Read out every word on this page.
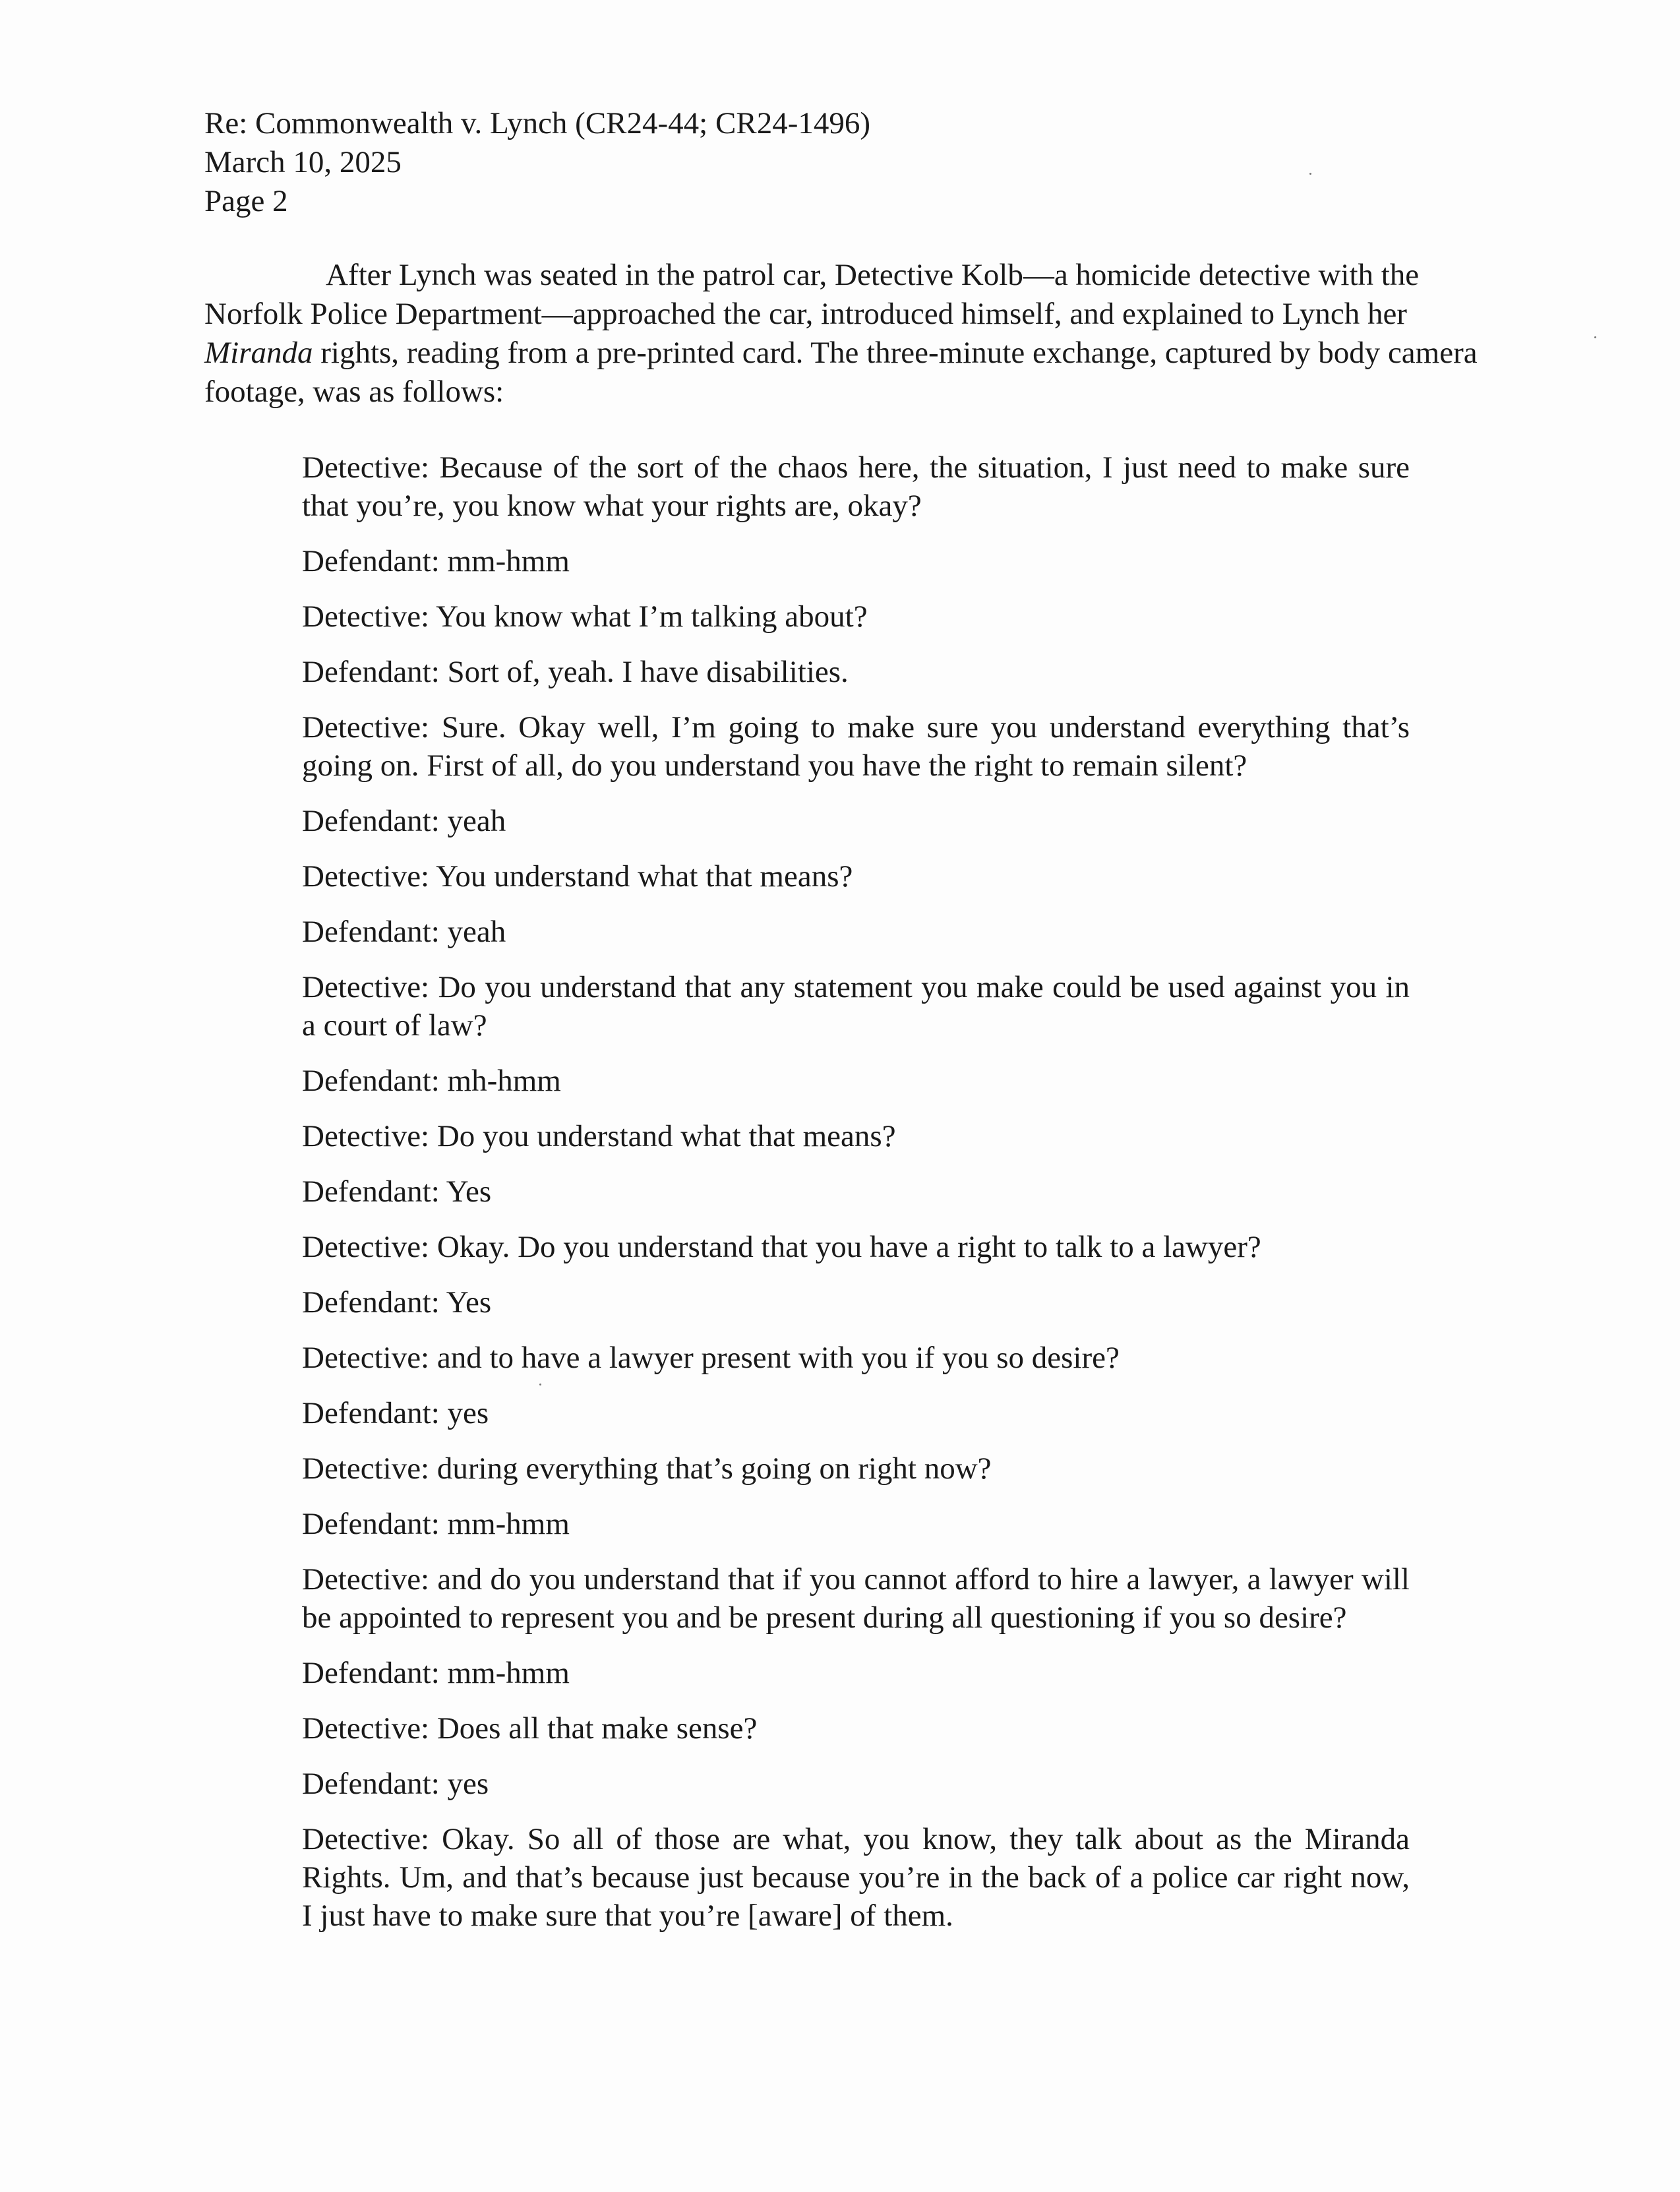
Re: Commonwealth v. Lynch (CR24-44; CR24-1496)
March 10, 2025
Page 2

After Lynch was seated in the patrol car, Detective Kolb—a homicide detective with the Norfolk Police Department—approached the car, introduced himself, and explained to Lynch her Miranda rights, reading from a pre-printed card. The three-minute exchange, captured by body camera footage, was as follows:

Detective: Because of the sort of the chaos here, the situation, I just need to make sure that you’re, you know what your rights are, okay?

Defendant: mm-hmm

Detective: You know what I’m talking about?

Defendant: Sort of, yeah. I have disabilities.

Detective: Sure. Okay well, I’m going to make sure you understand everything that’s going on. First of all, do you understand you have the right to remain silent?

Defendant: yeah

Detective: You understand what that means?

Defendant: yeah

Detective: Do you understand that any statement you make could be used against you in a court of law?

Defendant: mh-hmm

Detective: Do you understand what that means?

Defendant: Yes

Detective: Okay. Do you understand that you have a right to talk to a lawyer?

Defendant: Yes

Detective: and to have a lawyer present with you if you so desire?

Defendant: yes

Detective: during everything that’s going on right now?

Defendant: mm-hmm

Detective: and do you understand that if you cannot afford to hire a lawyer, a lawyer will be appointed to represent you and be present during all questioning if you so desire?

Defendant: mm-hmm

Detective: Does all that make sense?

Defendant: yes

Detective: Okay. So all of those are what, you know, they talk about as the Miranda Rights. Um, and that’s because just because you’re in the back of a police car right now, I just have to make sure that you’re [aware] of them.
